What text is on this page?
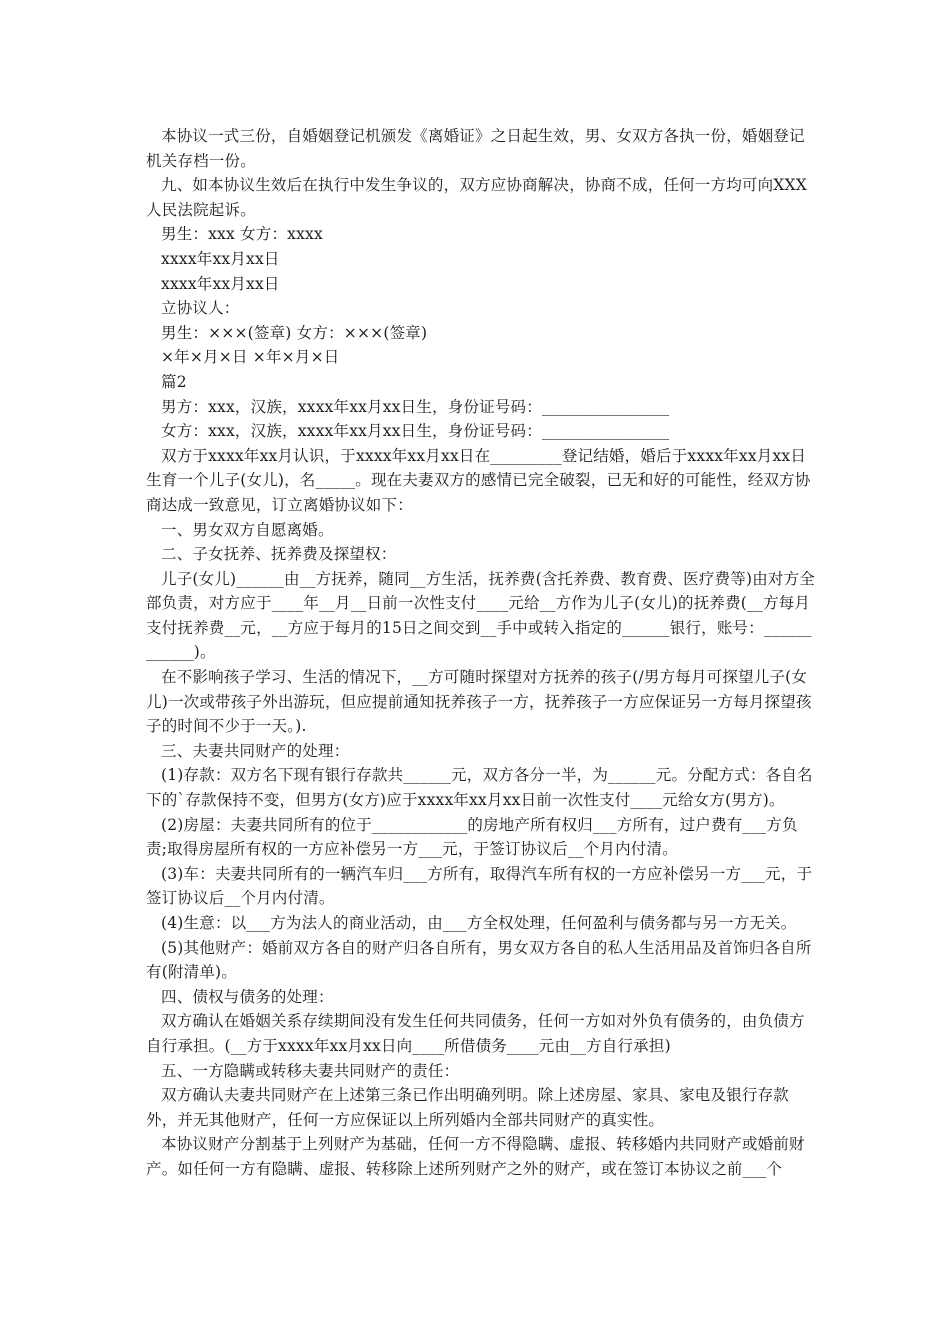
本协议一式三份，自婚姻登记机颁发《离婚证》之日起生效，男、女双方各执一份，婚姻登记机关存档一份。

九、如本协议生效后在执行中发生争议的，双方应协商解决，协商不成，任何一方均可向XXX人民法院起诉。

男生：xxx 女方：xxxx

xxxx年xx月xx日

xxxx年xx月xx日

立协议人：

男生：×××(签章) 女方：×××(签章)

×年×月×日 ×年×月×日

篇2

男方：xxx，汉族，xxxx年xx月xx日生，身份证号码：________________

女方：xxx，汉族，xxxx年xx月xx日生，身份证号码：________________

双方于xxxx年xx月认识，于xxxx年xx月xx日在_________登记结婚，婚后于xxxx年xx月xx日生育一个儿子(女儿)，名_____。现在夫妻双方的感情已完全破裂，已无和好的可能性，经双方协商达成一致意见，订立离婚协议如下：

一、男女双方自愿离婚。

二、子女抚养、抚养费及探望权：

儿子(女儿)______由__方抚养，随同__方生活，抚养费(含托养费、教育费、医疗费等)由对方全部负责，对方应于____年__月__日前一次性支付____元给__方作为儿子(女儿)的抚养费(__方每月支付抚养费__元，__方应于每月的15日之间交到__手中或转入指定的______银行，账号：____________)。

在不影响孩子学习、生活的情况下，__方可随时探望对方抚养的孩子(/男方每月可探望儿子(女儿)一次或带孩子外出游玩，但应提前通知抚养孩子一方，抚养孩子一方应保证另一方每月探望孩子的时间不少于一天。).

三、夫妻共同财产的处理：

(1)存款：双方名下现有银行存款共______元，双方各分一半，为______元。分配方式：各自名下的`存款保持不变，但男方(女方)应于xxxx年xx月xx日前一次性支付____元给女方(男方)。

(2)房屋：夫妻共同所有的位于____________的房地产所有权归___方所有，过户费有___方负责;取得房屋所有权的一方应补偿另一方___元，于签订协议后__个月内付清。

(3)车：夫妻共同所有的一辆汽车归___方所有，取得汽车所有权的一方应补偿另一方___元，于签订协议后__个月内付清。

(4)生意：以___方为法人的商业活动，由___方全权处理，任何盈利与债务都与另一方无关。

(5)其他财产：婚前双方各自的财产归各自所有，男女双方各自的私人生活用品及首饰归各自所有(附清单)。

四、债权与债务的处理：

双方确认在婚姻关系存续期间没有发生任何共同债务，任何一方如对外负有债务的，由负债方自行承担。(__方于xxxx年xx月xx日向____所借债务____元由__方自行承担)

五、一方隐瞒或转移夫妻共同财产的责任：

双方确认夫妻共同财产在上述第三条已作出明确列明。除上述房屋、家具、家电及银行存款外，并无其他财产，任何一方应保证以上所列婚内全部共同财产的真实性。

本协议财产分割基于上列财产为基础，任何一方不得隐瞒、虚报、转移婚内共同财产或婚前财产。如任何一方有隐瞒、虚报、转移除上述所列财产之外的财产，或在签订本协议之前___个
